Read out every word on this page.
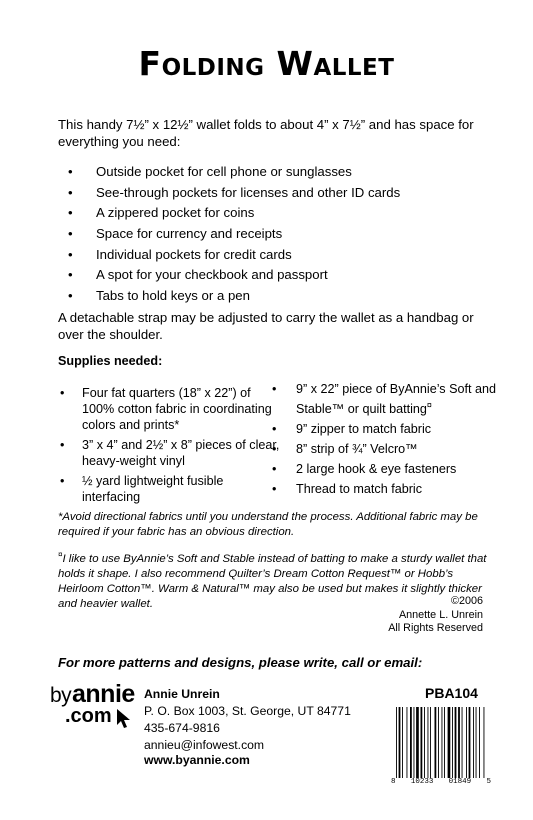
Folding Wallet
This handy 7½” x 12½” wallet folds to about 4” x 7½” and has space for everything you need:
• Outside pocket for cell phone or sunglasses
• See-through pockets for licenses and other ID cards
• A zippered pocket for coins
• Space for currency and receipts
• Individual pockets for credit cards
• A spot for your checkbook and passport
• Tabs to hold keys or a pen
A detachable strap may be adjusted to carry the wallet as a handbag or over the shoulder.
Supplies needed:
• Four fat quarters (18” x 22”) of 100% cotton fabric in coordinating colors and prints*
• 3” x 4” and 2½” x 8” pieces of clear, heavy-weight vinyl
• ½ yard lightweight fusible interfacing
• 9” x 22” piece of ByAnnie’s Soft and Stable™ or quilt batting¤
• 9” zipper to match fabric
• 8” strip of ¾” Velcro™
• 2 large hook & eye fasteners
• Thread to match fabric
*Avoid directional fabrics until you understand the process. Additional fabric may be required if your fabric has an obvious direction.
¤I like to use ByAnnie’s Soft and Stable instead of batting to make a sturdy wallet that holds it shape. I also recommend Quilter’s Dream Cotton Request™ or Hobb’s Heirloom Cotton™. Warm & Natural™ may also be used but makes it slightly thicker and heavier wallet.	©2006
Annette L. Unrein
All Rights Reserved
For more patterns and designs, please write, call or email:
by annie
.com
Annie Unrein
P. O. Box 1003, St. George, UT 84771
435-674-9816
annieu@infowest.com
www.byannie.com
PBA104
8 10233 01849 5
